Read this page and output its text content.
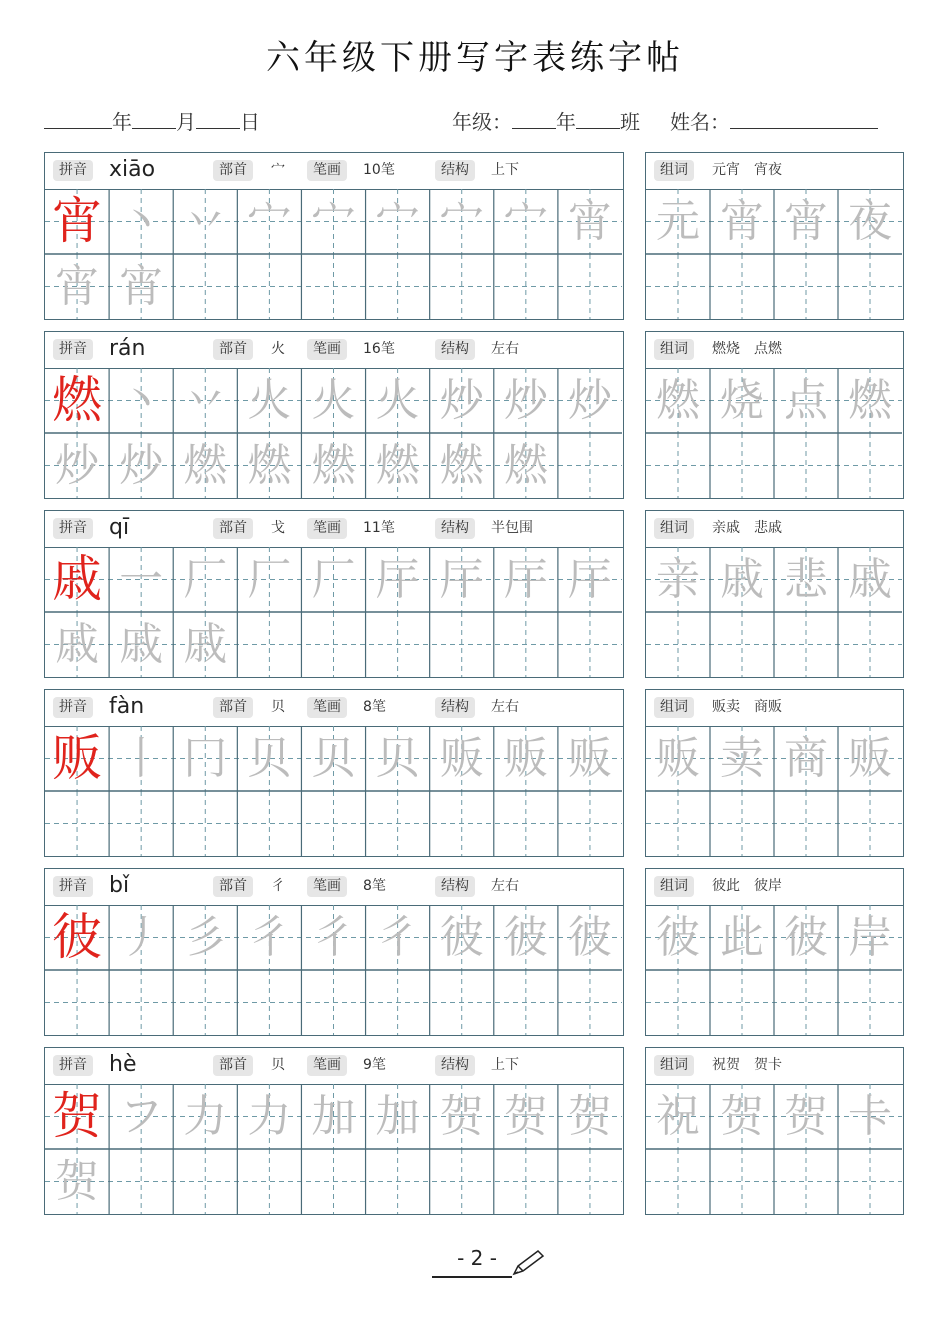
六年级下册写字表练字帖
年 月 日	年级： 年 班 姓名：
拼音 xiāo	部首	宀	笔画	10笔	结构	上下
宵 丶 丷 宀 宀 宀 宀 宀 宵
宵 宵
组词	元宵　宵夜
元 宵 宵 夜
拼音 rán	部首	火	笔画	16笔	结构	左右
燃 丶 丷 火 火 火 炒 炒 炒
炒 炒 燃 燃 燃 燃 燃 燃
组词	燃烧　点燃
燃 烧 点 燃
拼音 qī	部首	戈	笔画	11笔	结构	半包围
戚 一 厂 厂 厂 厈 厈 厈 厈
戚 戚 戚
组词	亲戚　悲戚
亲 戚 悲 戚
拼音 fàn	部首	贝	笔画	8笔	结构	左右
贩 丨 冂 贝 贝 贝 贩 贩 贩
组词	贩卖　商贩
贩 卖 商 贩
拼音 bǐ	部首	彳	笔画	8笔	结构	左右
彼 丿 彡 彳 彳 彳 彼 彼 彼
组词	彼此　彼岸
彼 此 彼 岸
拼音 hè	部首	贝	笔画	9笔	结构	上下
贺 フ 力 力 加 加 贺 贺 贺
贺
组词	祝贺　贺卡
祝 贺 贺 卡
- 2 -
